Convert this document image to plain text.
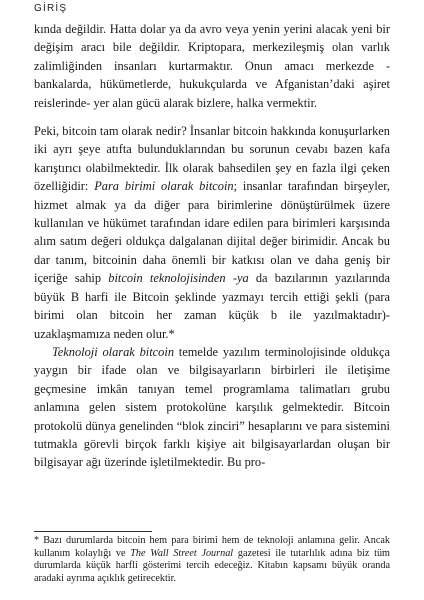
GİRİŞ

kında değildir. Hatta dolar ya da avro veya yenin yerini alacak yeni bir değişim aracı bile değildir. Kriptopara, merkezileşmiş olan varlık zalimliğinden insanları kurtarmaktır. Onun amacı merkezde -bankalarda, hükümetlerde, hukukçularda ve Afganistan’daki aşiret reislerinde- yer alan gücü alarak bizlere, halka vermektir.

Peki, bitcoin tam olarak nedir? İnsanlar bitcoin hakkında konuşurlarken iki ayrı şeye atıfta bulunduklarından bu sorunun cevabı bazen kafa karıştırıcı olabilmektedir. İlk olarak bahsedilen şey en fazla ilgi çeken özelliğidir: Para birimi olarak bitcoin; insanlar tarafından birşeyler, hizmet almak ya da diğer para birimlerine dönüştürülmek üzere kullanılan ve hükümet tarafından idare edilen para birimleri karşısında alım satım değeri oldukça dalgalanan dijital değer birimidir. Ancak bu dar tanım, bitcoinin daha önemli bir katkısı olan ve daha geniş bir içeriğe sahip bitcoin teknolojisinden -ya da bazılarının yazılarında büyük B harfi ile Bitcoin şeklinde yazmayı tercih ettiği şekli (para birimi olan bitcoin her zaman küçük b ile yazılmaktadır)- uzaklaşmamıza neden olur.*

Teknoloji olarak bitcoin temelde yazılım terminolojisinde oldukça yaygın bir ifade olan ve bilgisayarların birbirleri ile iletişime geçmesine imkân tanıyan temel programlama talimatları grubu anlamına gelen sistem protokolüne karşılık gelmektedir. Bitcoin protokolü dünya genelinden “blok zinciri” hesaplarını ve para sistemini tutmakla görevli birçok farklı kişiye ait bilgisayarlardan oluşan bir bilgisayar ağı üzerinde işletilmektedir. Bu pro-

* Bazı durumlarda bitcoin hem para birimi hem de teknoloji anlamına gelir. Ancak kullanım kolaylığı ve The Wall Street Journal gazetesi ile tutarlılık adına biz tüm durumlarda küçük harfli gösterimi tercih edeceğiz. Kitabın kapsamı büyük oranda aradaki ayrıma açıklık getirecektir.
